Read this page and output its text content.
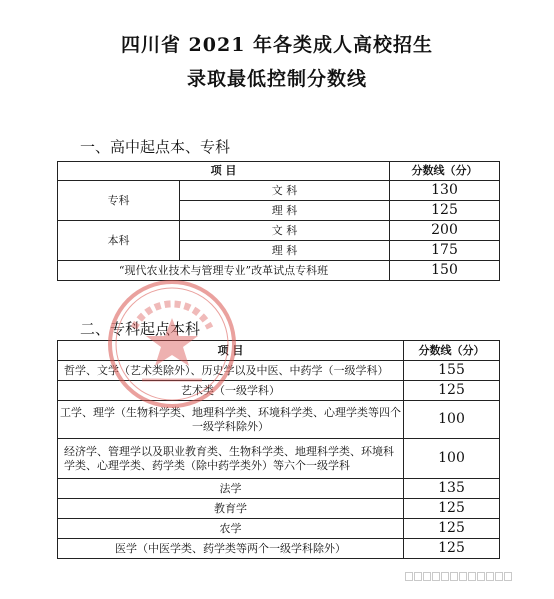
四川省 2021 年各类成人高校招生
录取最低控制分数线
一、高中起点本、专科
项 目		分数线（分）
专科	文 科	130
	理 科	125
本科	文 科	200
	理 科	175
“现代农业技术与管理专业”改革试点专科班		150
二、专科起点本科
项 目	分数线（分）
哲学、文学（艺术类除外）、历史学以及中医、中药学（一级学科）	155
艺术类（一级学科）	125
工学、理学（生物科学类、地理科学类、环境科学类、心理学类等四个一级学科除外）	100
经济学、管理学以及职业教育类、生物科学类、地理科学类、环境科学类、心理学类、药学类（除中药学类外）等六个一级学科	100
法学	135
教育学	125
农学	125
医学（中医学类、药学类等两个一级学科除外）	125
